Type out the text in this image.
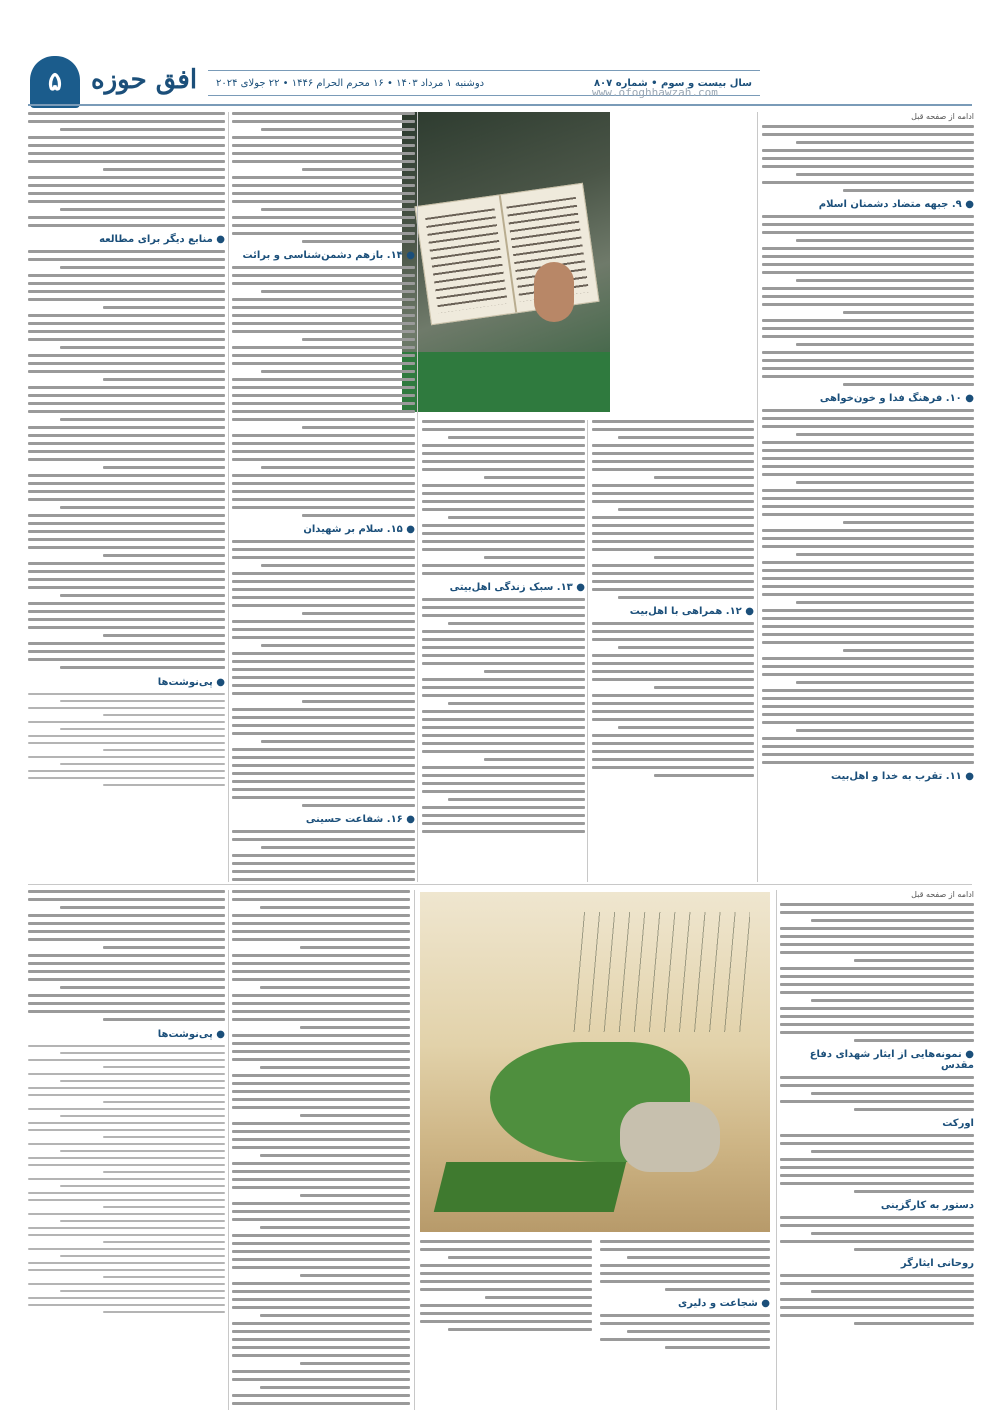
۵	افق حوزه	سال بیست و سوم • شماره ۸۰۷
دوشنبه ۱ مرداد ۱۴۰۳ • ۱۶ محرم الحرام ۱۴۴۶ • ۲۲ جولای ۲۰۲۴
www.ofoghhawzah.com
ادامه از صفحه قبل
● ۹. جبهه متضاد دشمنان اسلام
● ۱۰. فرهنگ فدا و خون‌خواهی
● ۱۱. تقرب به خدا و اهل‌بیت
● ۱۲. همراهی با اهل‌بیت
● ۱۳. سبک زندگی اهل‌بیتی
● ۱۴. بازهم دشمن‌شناسی و برائت
● ۱۵. سلام بر شهیدان
● ۱۶. شفاعت حسینی
● منابع دیگر برای مطالعه
● پی‌نوشت‌ها
ادامه از صفحه قبل
● نمونه‌هایی از ایثار شهدای دفاع مقدس
اورکت
دستور به کارگزینی
روحانی ایثارگر
● شجاعت و دلیری
● پی‌نوشت‌ها
